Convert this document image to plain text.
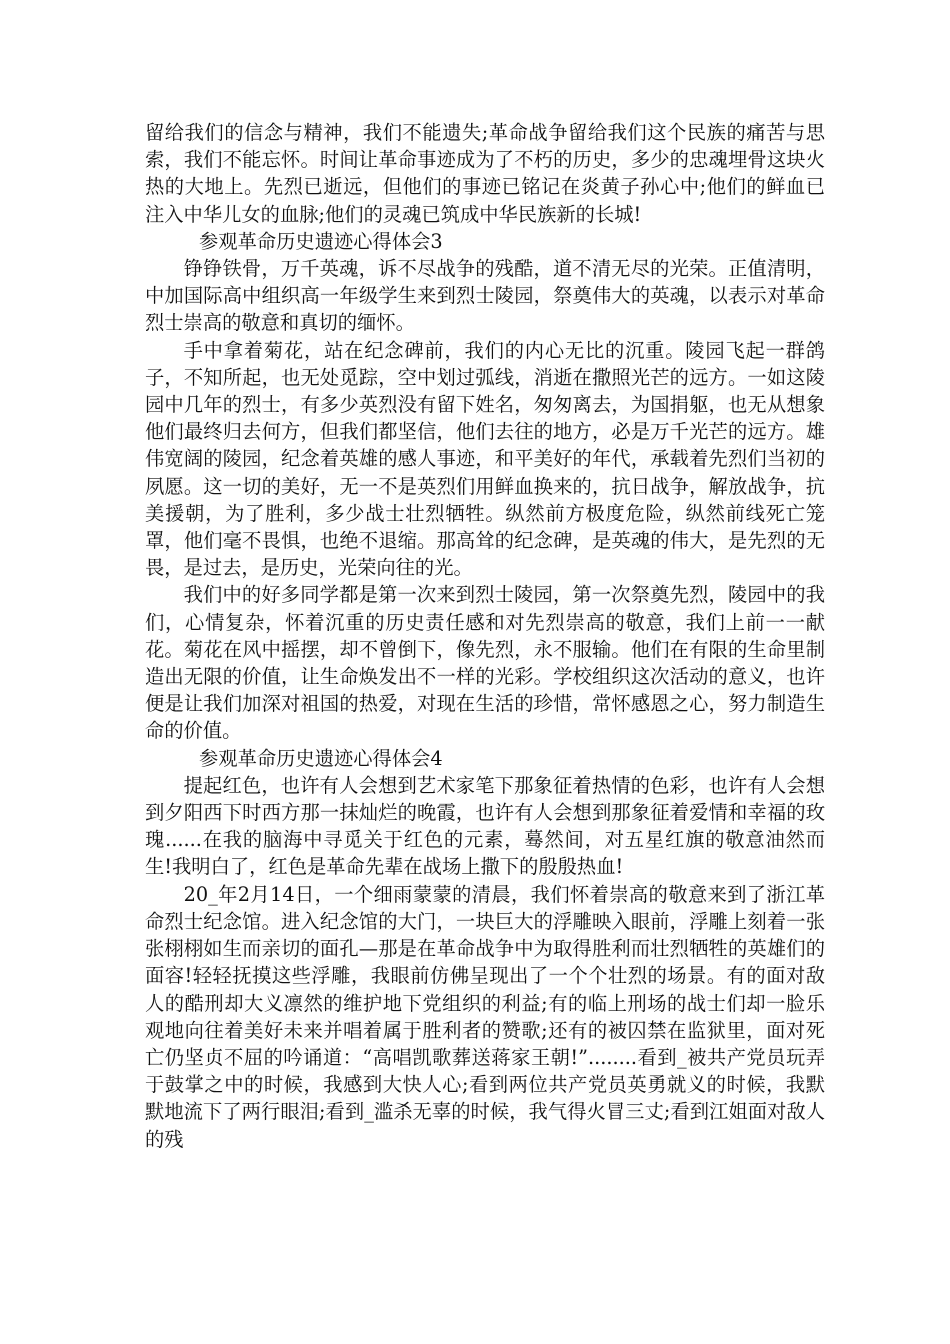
留给我们的信念与精神，我们不能遗失;革命战争留给我们这个民族的痛苦与思索，我们不能忘怀。时间让革命事迹成为了不朽的历史，多少的忠魂埋骨这块火热的大地上。先烈已逝远，但他们的事迹已铭记在炎黄子孙心中;他们的鲜血已注入中华儿女的血脉;他们的灵魂已筑成中华民族新的长城!

参观革命历史遗迹心得体会3

铮铮铁骨，万千英魂，诉不尽战争的残酷，道不清无尽的光荣。正值清明，中加国际高中组织高一年级学生来到烈士陵园，祭奠伟大的英魂，以表示对革命烈士崇高的敬意和真切的缅怀。

手中拿着菊花，站在纪念碑前，我们的内心无比的沉重。陵园飞起一群鸽子，不知所起，也无处觅踪，空中划过弧线，消逝在撒照光芒的远方。一如这陵园中几年的烈士，有多少英烈没有留下姓名，匆匆离去，为国捐躯，也无从想象他们最终归去何方，但我们都坚信，他们去往的地方，必是万千光芒的远方。雄伟宽阔的陵园，纪念着英雄的感人事迹，和平美好的年代，承载着先烈们当初的夙愿。这一切的美好，无一不是英烈们用鲜血换来的，抗日战争，解放战争，抗美援朝，为了胜利，多少战士壮烈牺牲。纵然前方极度危险，纵然前线死亡笼罩，他们毫不畏惧，也绝不退缩。那高耸的纪念碑，是英魂的伟大，是先烈的无畏，是过去，是历史，光荣向往的光。

我们中的好多同学都是第一次来到烈士陵园，第一次祭奠先烈，陵园中的我们，心情复杂，怀着沉重的历史责任感和对先烈崇高的敬意，我们上前一一献花。菊花在风中摇摆，却不曾倒下，像先烈，永不服输。他们在有限的生命里制造出无限的价值，让生命焕发出不一样的光彩。学校组织这次活动的意义，也许便是让我们加深对祖国的热爱，对现在生活的珍惜，常怀感恩之心，努力制造生命的价值。

参观革命历史遗迹心得体会4

提起红色，也许有人会想到艺术家笔下那象征着热情的色彩，也许有人会想到夕阳西下时西方那一抹灿烂的晚霞，也许有人会想到那象征着爱情和幸福的玫瑰......在我的脑海中寻觅关于红色的元素，蓦然间，对五星红旗的敬意油然而生!我明白了，红色是革命先辈在战场上撒下的殷殷热血!

20_年2月14日，一个细雨蒙蒙的清晨，我们怀着崇高的敬意来到了浙江革命烈士纪念馆。进入纪念馆的大门，一块巨大的浮雕映入眼前，浮雕上刻着一张张栩栩如生而亲切的面孔—那是在革命战争中为取得胜利而壮烈牺牲的英雄们的面容!轻轻抚摸这些浮雕，我眼前仿佛呈现出了一个个壮烈的场景。有的面对敌人的酷刑却大义凛然的维护地下党组织的利益;有的临上刑场的战士们却一脸乐观地向往着美好未来并唱着属于胜利者的赞歌;还有的被囚禁在监狱里，面对死亡仍坚贞不屈的吟诵道：“高唱凯歌葬送蒋家王朝!”........看到_被共产党员玩弄于鼓掌之中的时候，我感到大快人心;看到两位共产党员英勇就义的时候，我默默地流下了两行眼泪;看到_滥杀无辜的时候，我气得火冒三丈;看到江姐面对敌人的残
